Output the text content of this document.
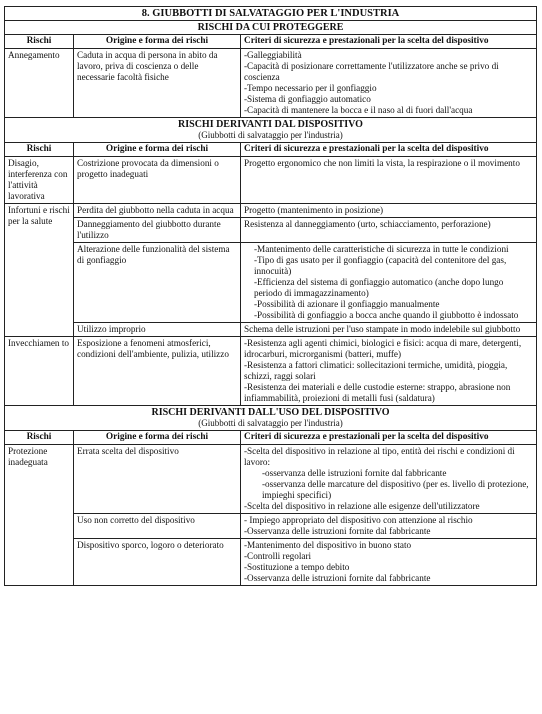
8. GIUBBOTTI DI SALVATAGGIO PER L'INDUSTRIA		

RISCHI DA CUI PROTEGGERE		

Rischi	Origine e forma dei rischi	Criteri di sicurezza e prestazionali per la scelta del dispositivo
Annegamento	Caduta in acqua di persona in abito da lavoro, priva di coscienza o delle necessarie facoltà fisiche	-Galleggiabilità
-Capacità di posizionare correttamente l'utilizzatore anche se privo di coscienza
-Tempo necessario per il gonfiaggio
-Sistema di gonfiaggio automatico
-Capacità di mantenere la bocca e il naso al di fuori dall'acqua

RISCHI DERIVANTI DAL DISPOSITIVO
(Giubbotti di salvataggio per l'industria)		

Rischi	Origine e forma dei rischi	Criteri di sicurezza e prestazionali per la scelta del dispositivo
Disagio, interferenza con l'attività lavorativa	Costrizione provocata da dimensioni o progetto inadeguati	Progetto ergonomico che non limiti la vista, la respirazione o il movimento
Infortuni e rischi per la salute	Perdita del giubbotto nella caduta in acqua	Progetto (mantenimento in posizione)
	Danneggiamento del giubbotto durante l'utilizzo	Resistenza al danneggiamento (urto, schiacciamento, perforazione)
	Alterazione delle funzionalità del sistema di gonfiaggio	-Mantenimento delle caratteristiche di sicurezza in tutte le condizioni
-Tipo di gas usato per il gonfiaggio (capacità del contenitore del gas, innocuità)
-Efficienza del sistema di gonfiaggio automatico (anche dopo lungo periodo di immagazzinamento)
-Possibilità di azionare il gonfiaggio manualmente
-Possibilità di gonfiaggio a bocca anche quando il giubbotto è indossato

	Utilizzo improprio	Schema delle istruzioni per l'uso stampate in modo indelebile sul giubbotto
Invecchiamen to	Esposizione a fenomeni atmosferici, condizioni dell'ambiente, pulizia, utilizzo	-Resistenza agli agenti chimici, biologici e fisici: acqua di mare, detergenti, idrocarburi, microrganismi (batteri, muffe)
-Resistenza a fattori climatici: sollecitazioni termiche, umidità, pioggia, schizzi, raggi solari
-Resistenza dei materiali e delle custodie esterne: strappo, abrasione non infiammabilità, proiezioni di metalli fusi (saldatura)

RISCHI DERIVANTI DALL'USO DEL DISPOSITIVO
(Giubbotti di salvataggio per l'industria)		

Rischi	Origine e forma dei rischi	Criteri di sicurezza e prestazionali per la scelta del dispositivo
Protezione inadeguata	Errata scelta del dispositivo	-Scelta del dispositivo in relazione al tipo, entità dei rischi e condizioni di lavoro:
-osservanza delle istruzioni fornite dal fabbricante
-osservanza delle marcature del dispositivo (per es. livello di protezione, impieghi specifici)
-Scelta del dispositivo in relazione alle esigenze dell'utilizzatore

	Uso non corretto del dispositivo	- Impiego appropriato del dispositivo con attenzione al rischio
-Osservanza delle istruzioni fornite dal fabbricante

	Dispositivo sporco, logoro o deteriorato	-Mantenimento del dispositivo in buono stato
-Controlli regolari
-Sostituzione a tempo debito
-Osservanza delle istruzioni fornite dal fabbricante
